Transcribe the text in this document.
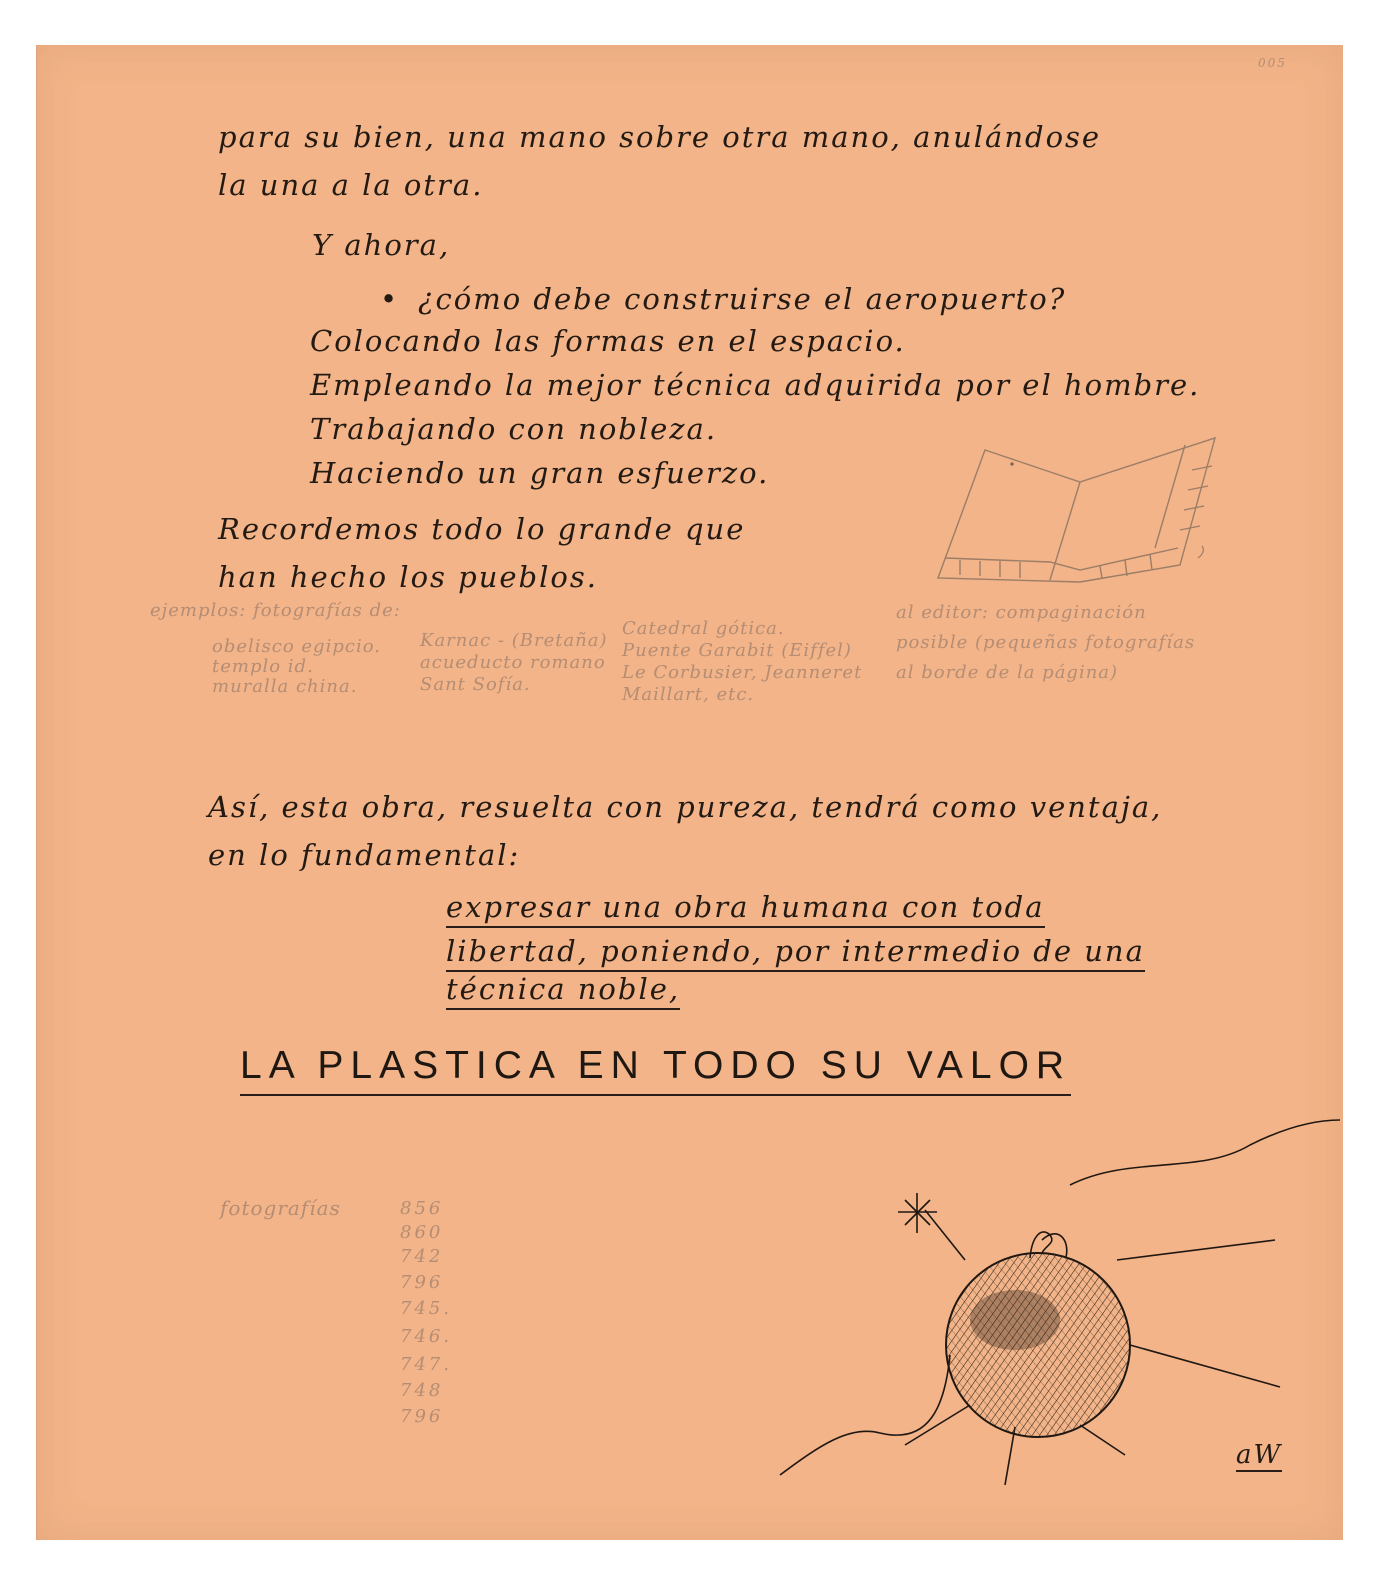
005
para su bien, una mano sobre otra mano, anulándose
la una a la otra.
Y ahora,
• ¿cómo debe construirse el aeropuerto?
Colocando las formas en el espacio.
Empleando la mejor técnica adquirida por el hombre.
Trabajando con nobleza.
Haciendo un gran esfuerzo.
Recordemos todo lo grande que
han hecho los pueblos.
ejemplos: fotografías de:
obelisco egipcio.
templo id.
muralla china.
Karnac - (Bretaña)
acueducto romano
Sant Sofía.
Catedral gótica.
Puente Garabit (Eiffel)
Le Corbusier, Jeanneret
Maillart, etc.
al editor: compaginación
posible (pequeñas fotografías
al borde de la página)
Así, esta obra, resuelta con pureza, tendrá como ventaja,
en lo fundamental:
expresar una obra humana con toda
libertad, poniendo, por intermedio de una
técnica noble,
LA PLASTICA EN TODO SU VALOR
fotografías	856
860
742
796
745.
746.
747.
748
796
aW
